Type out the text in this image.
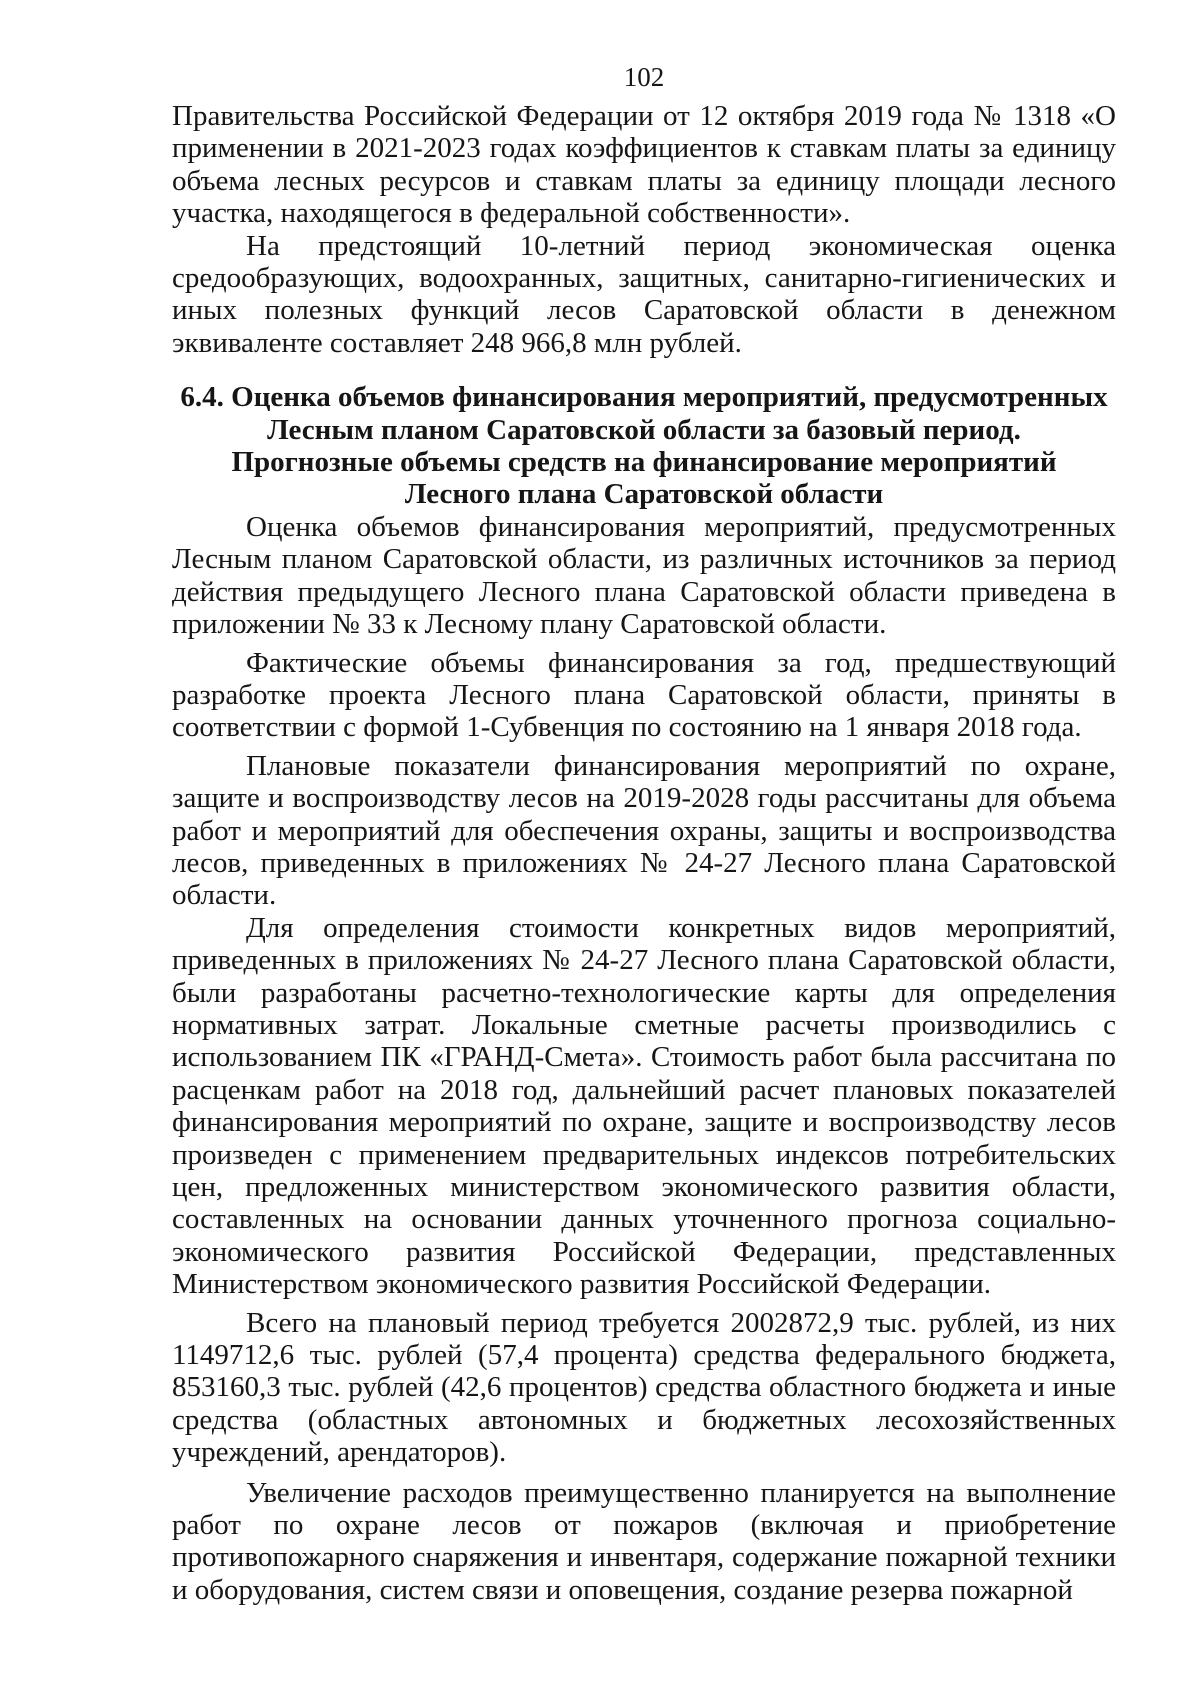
102

Правительства Российской Федерации от 12 октября 2019 года № 1318 «О применении в 2021-2023 годах коэффициентов к ставкам платы за единицу объема лесных ресурсов и ставкам платы за единицу площади лесного участка, находящегося в федеральной собственности».

На предстоящий 10-летний период экономическая оценка средообразующих, водоохранных, защитных, санитарно-гигиенических и иных полезных функций лесов Саратовской области в денежном эквиваленте составляет 248 966,8 млн рублей.

6.4. Оценка объемов финансирования мероприятий, предусмотренных
Лесным планом Саратовской области за базовый период.
Прогнозные объемы средств на финансирование мероприятий
Лесного плана Саратовской области

Оценка объемов финансирования мероприятий, предусмотренных Лесным планом Саратовской области, из различных источников за период действия предыдущего Лесного плана Саратовской области приведена в приложении № 33 к Лесному плану Саратовской области.

Фактические объемы финансирования за год, предшествующий разработке проекта Лесного плана Саратовской области, приняты в соответствии с формой 1-Субвенция по состоянию на 1 января 2018 года.

Плановые показатели финансирования мероприятий по охране, защите и воспроизводству лесов на 2019-2028 годы рассчитаны для объема работ и мероприятий для обеспечения охраны, защиты и воспроизводства лесов, приведенных в приложениях № 24-27 Лесного плана Саратовской области.

Для определения стоимости конкретных видов мероприятий, приведенных в приложениях № 24-27 Лесного плана Саратовской области, были разработаны расчетно-технологические карты для определения нормативных затрат. Локальные сметные расчеты производились с использованием ПК «ГРАНД-Смета». Стоимость работ была рассчитана по расценкам работ на 2018 год, дальнейший расчет плановых показателей финансирования мероприятий по охране, защите и воспроизводству лесов произведен с применением предварительных индексов потребительских цен, предложенных министерством экономического развития области, составленных на основании данных уточненного прогноза социально-экономического развития Российской Федерации, представленных Министерством экономического развития Российской Федерации.

Всего на плановый период требуется 2002872,9 тыс. рублей, из них 1149712,6 тыс. рублей (57,4 процента) средства федерального бюджета, 853160,3 тыс. рублей (42,6 процентов) средства областного бюджета и иные средства (областных автономных и бюджетных лесохозяйственных учреждений, арендаторов).

Увеличение расходов преимущественно планируется на выполнение работ по охране лесов от пожаров (включая и приобретение противопожарного снаряжения и инвентаря, содержание пожарной техники и оборудования, систем связи и оповещения, создание резерва пожарной
